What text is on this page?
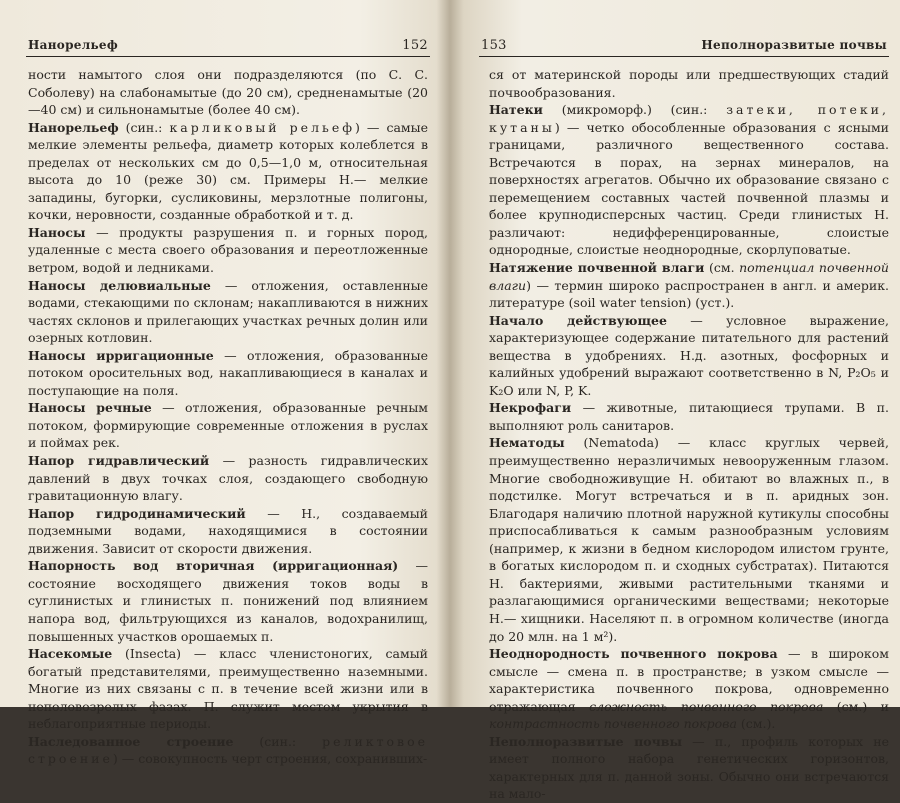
Нанорельеф	152

ности намытого слоя они подразделяются (по С. С. Соболеву) на слабонамытые (до 20 см), средненамытые (20—40 см) и сильнонамытые (более 40 см).

Нанорельеф (син.: карликовый рельеф) — самые мелкие элементы рельефа, диаметр которых колеблется в пределах от нескольких см до 0,5—1,0 м, относительная высота до 10 (реже 30) см. Примеры Н.— мелкие западины, бугорки, сусликовины, мерзлотные полигоны, кочки, неровности, созданные обработкой и т. д.

Наносы — продукты разрушения п. и горных пород, удаленные с места своего образования и переотложенные ветром, водой и ледниками.

Наносы делювиальные — отложения, оставленные водами, стекающими по склонам; накапливаются в нижних частях склонов и прилегающих участках речных долин или озерных котловин.

Наносы ирригационные — отложения, образованные потоком оросительных вод, накапливающиеся в каналах и поступающие на поля.

Наносы речные — отложения, образованные речным потоком, формирующие современные отложения в руслах и поймах рек.

Напор гидравлический — разность гидравлических давлений в двух точках слоя, создающего свободную гравитационную влагу.

Напор гидродинамический — Н., создаваемый подземными водами, находящимися в состоянии движения. Зависит от скорости движения.

Напорность вод вторичная (ирригационная) — состояние восходящего движения токов воды в суглинистых и глинистых п. понижений под влиянием напора вод, фильтрующихся из каналов, водохранилищ, повышенных участков орошаемых п.

Насекомые (Insecta) — класс членистоногих, самый богатый представителями, преимущественно наземными. Многие из них связаны с п. в течение всей жизни или в неполовозрелых фазах. П. служит местом укрытия в неблагоприятные периоды.

Наследованное строение (син.: реликтовое строение) — совокупность черт строения, сохранивших-

153	Неполноразвитые почвы

ся от материнской породы или предшествующих стадий почвообразования.

Натеки (микроморф.) (син.: затеки, потеки, кутаны) — четко обособленные образования с ясными границами, различного вещественного состава. Встречаются в порах, на зернах минералов, на поверхностях агрегатов. Обычно их образование связано с перемещением составных частей почвенной плазмы и более крупнодисперсных частиц. Среди глинистых Н. различают: недифференцированные, слоистые однородные, слоистые неоднородные, скорлуповатые.

Натяжение почвенной влаги (см. потенциал почвенной влаги) — термин широко распространен в англ. и америк. литературе (soil water tension) (уст.).

Начало действующее — условное выражение, характеризующее содержание питательного для растений вещества в удобрениях. Н.д. азотных, фосфорных и калийных удобрений выражают соответственно в N, P₂O₅ и K₂O или N, P, K.

Некрофаги — животные, питающиеся трупами. В п. выполняют роль санитаров.

Нематоды (Nematoda) — класс круглых червей, преимущественно неразличимых невооруженным глазом. Многие свободноживущие Н. обитают во влажных п., в подстилке. Могут встречаться и в п. аридных зон. Благодаря наличию плотной наружной кутикулы способны приспосабливаться к самым разнообразным условиям (например, к жизни в бедном кислородом илистом грунте, в богатых кислородом п. и сходных субстратах). Питаются Н. бактериями, живыми растительными тканями и разлагающимися органическими веществами; некоторые Н.— хищники. Населяют п. в огромном количестве (иногда до 20 млн. на 1 м²).

Неоднородность почвенного покрова — в широком смысле — смена п. в пространстве; в узком смысле — характеристика почвенного покрова, одновременно отражающая сложность почвенного покрова (см.) и контрастность почвенного покрова (см.).

Неполноразвитые почвы — п., профиль которых не имеет полного набора генетических горизонтов, характерных для п. данной зоны. Обычно они встречаются на мало-
